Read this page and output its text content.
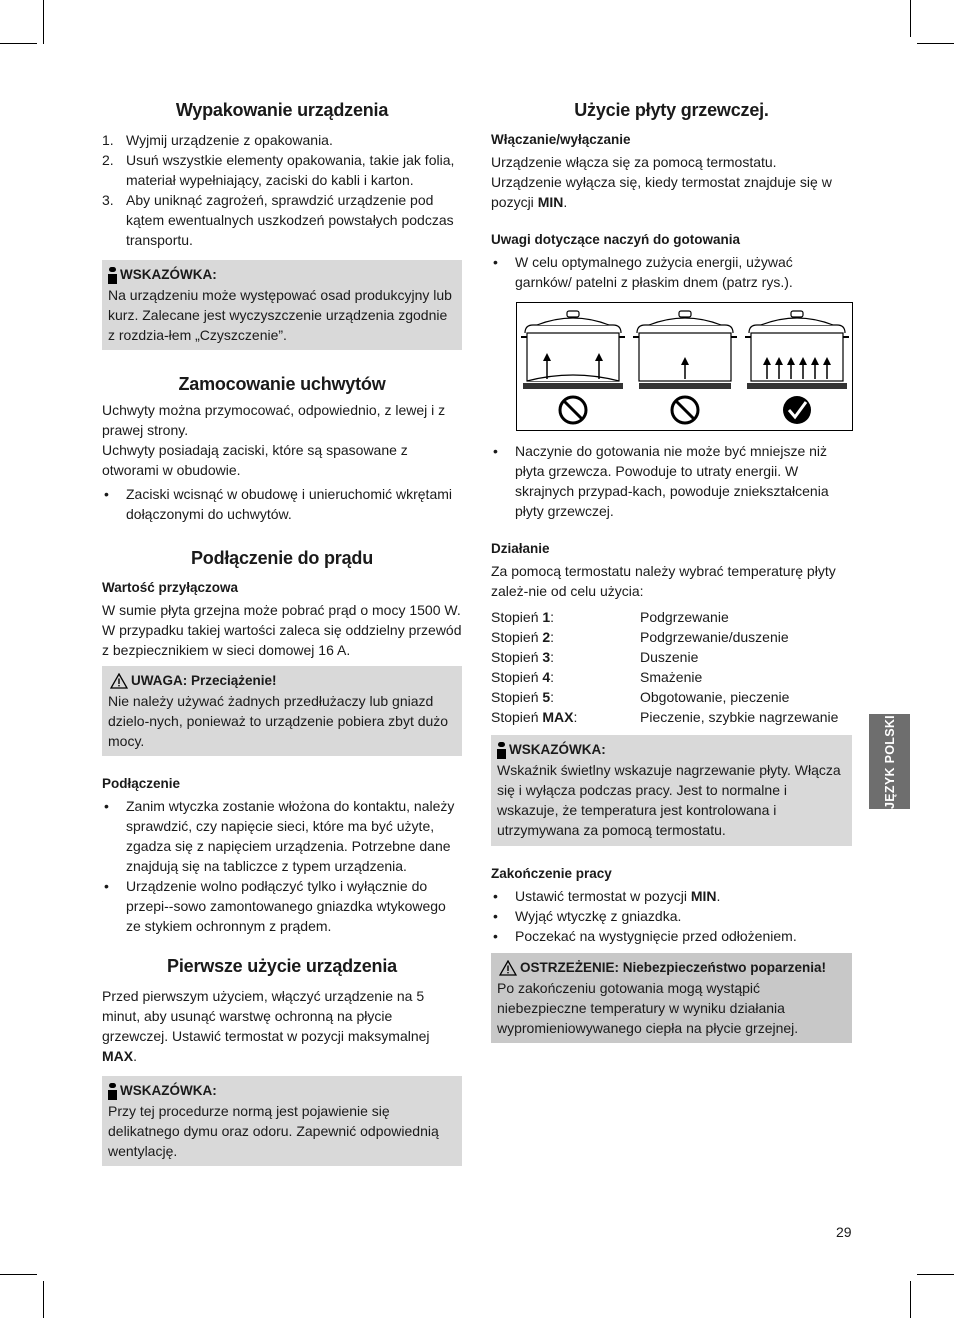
Wypakowanie urządzenia
1. Wyjmij urządzenie z opakowania.
2. Usuń wszystkie elementy opakowania, takie jak folia, materiał wypełniający, zaciski do kabli i karton.
3. Aby uniknąć zagrożeń, sprawdzić urządzenie pod kątem ewentualnych uszkodzeń powstałych podczas transportu.
WSKAZÓWKA:

Na urządzeniu może występować osad produkcyjny lub kurz. Zalecane jest wyczyszczenie urządzenia zgodnie z rozdzia-łem „Czyszczenie”.

Zamocowanie uchwytów

Uchwyty można przymocować, odpowiednio, z lewej i z prawej strony.

Uchwyty posiadają zaciski, które są spasowane z otworami w obudowie.

• Zaciski wcisnąć w obudowę i unieruchomić wkrętami dołączonymi do uchwytów.
Podłączenie do prądu
Wartość przyłączowa

W sumie płyta grzejna może pobrać prąd o mocy 1500 W.

W przypadku takiej wartości zaleca się oddzielny przewód z bezpiecznikiem w sieci domowej 16 A.

UWAGA: Przeciążenie!

Nie należy używać żadnych przedłużaczy lub gniazd dzielo-nych, ponieważ to urządzenie pobiera zbyt dużo mocy.

Podłączenie
• Zanim wtyczka zostanie włożona do kontaktu, należy sprawdzić, czy napięcie sieci, które ma być użyte, zgadza się z napięciem urządzenia. Potrzebne dane znajdują się na tabliczce z typem urządzenia.
• Urządzenie wolno podłączyć tylko i wyłącznie do przepi--sowo zamontowanego gniazdka wtykowego ze stykiem ochronnym z prądem.
Pierwsze użycie urządzenia

Przed pierwszym użyciem, włączyć urządzenie na 5 minut, aby usunąć warstwę ochronną na płycie grzewczej. Ustawić termostat w pozycji maksymalnej MAX.

WSKAZÓWKA:

Przy tej procedurze normą jest pojawienie się delikatnego dymu oraz odoru. Zapewnić odpowiednią wentylację.

Użycie płyty grzewczej.
Włączanie/wyłączanie

Urządzenie włącza się za pomocą termostatu.

Urządzenie wyłącza się, kiedy termostat znajduje się w pozycji MIN.

Uwagi dotyczące naczyń do gotowania
• W celu optymalnego zużycia energii, używać garnków/ patelni z płaskim dnem (patrz rys.).
• Naczynie do gotowania nie może być mniejsze niż płyta grzewcza. Powoduje to utraty energii. W skrajnych przypad-kach, powoduje zniekształcenia płyty grzewczej.
Działanie

Za pomocą termostatu należy wybrać temperaturę płyty zależ-nie od celu użycia:

Stopień 1:	Podgrzewanie
Stopień 2:	Podgrzewanie/duszenie
Stopień 3:	Duszenie
Stopień 4:	Smażenie
Stopień 5:	Obgotowanie, pieczenie
Stopień MAX:	Pieczenie, szybkie nagrzewanie
WSKAZÓWKA:

Wskaźnik świetlny wskazuje nagrzewanie płyty. Włącza się i wyłącza podczas pracy. Jest to normalne i wskazuje, że temperatura jest kontrolowana i utrzymywana za pomocą termostatu.

Zakończenie pracy
• Ustawić termostat w pozycji MIN.
• Wyjąć wtyczkę z gniazdka.
• Poczekać na wystygnięcie przed odłożeniem.
OSTRZEŻENIE: Niebezpieczeństwo poparzenia!

Po zakończeniu gotowania mogą wystąpić niebezpieczne temperatury w wyniku działania wypromieniowywanego ciepła na płycie grzejnej.

JĘZYK POLSKI
29
